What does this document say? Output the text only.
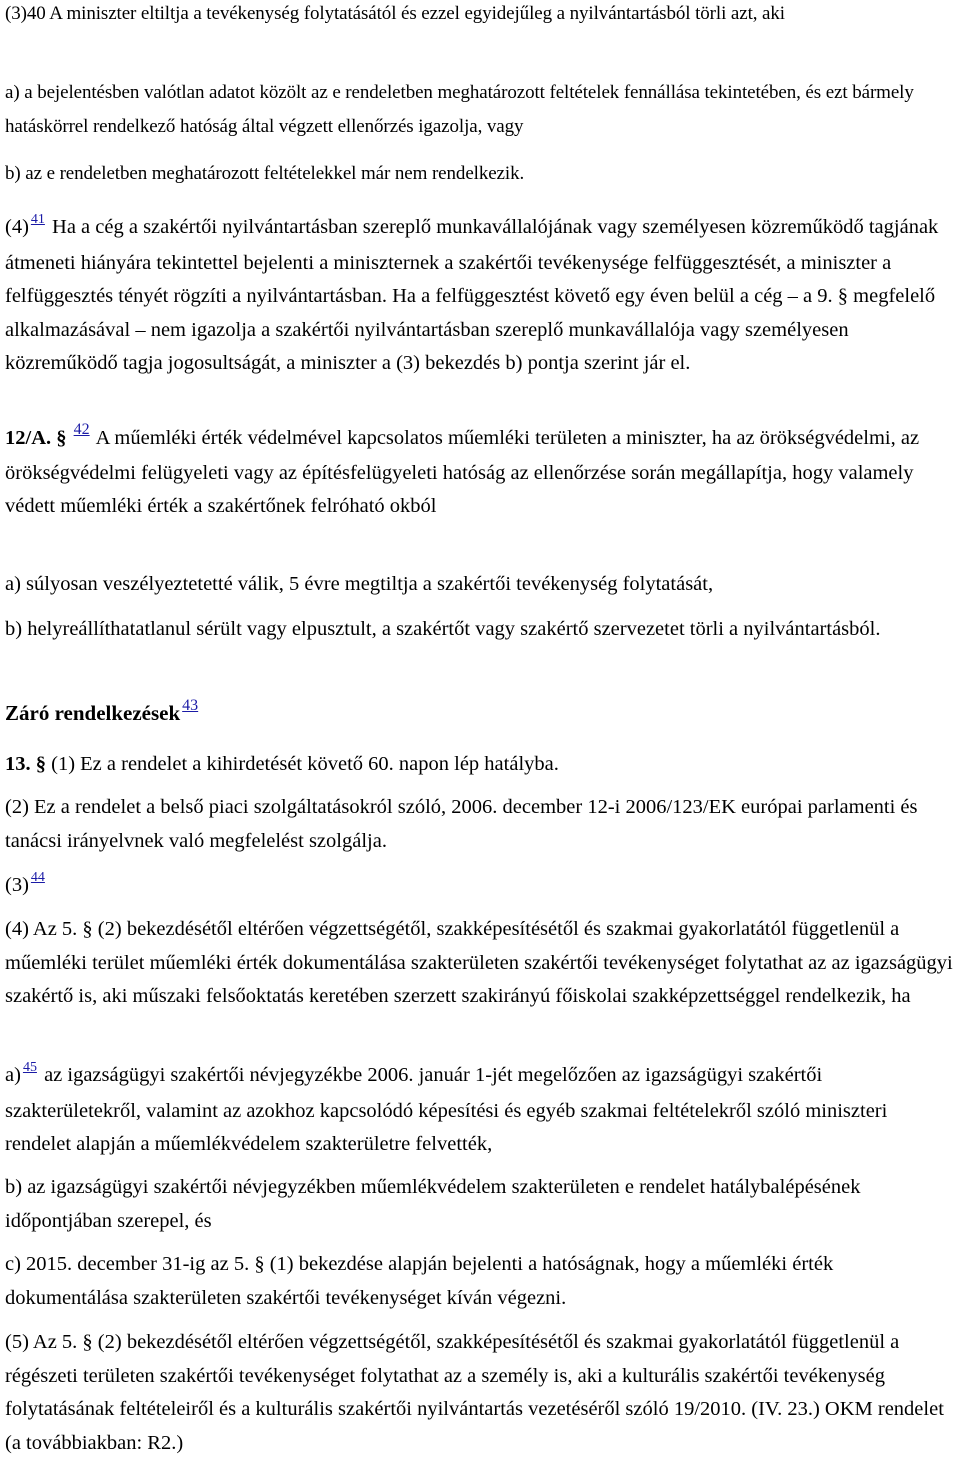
(3)40 A miniszter eltiltja a tevékenység folytatásától és ezzel egyidejűleg a nyilvántartásból törli azt, aki

a) a bejelentésben valótlan adatot közölt az e rendeletben meghatározott feltételek fennállása tekintetében, és ezt bármely hatáskörrel rendelkező hatóság által végzett ellenőrzés igazolja, vagy

b) az e rendeletben meghatározott feltételekkel már nem rendelkezik.

(4) $^{41}$ Ha a cég a szakértői nyilvántartásban szereplő munkavállalójának vagy személyesen közreműködő tagjának átmeneti hiányára tekintettel bejelenti a miniszternek a szakértői tevékenysége felfüggesztését, a miniszter a felfüggesztés tényét rögzíti a nyilvántartásban. Ha a felfüggesztést követő egy éven belül a cég – a 9. § megfelelő alkalmazásával – nem igazolja a szakértői nyilvántartásban szereplő munkavállalója vagy személyesen közreműködő tagja jogosultságát, a miniszter a (3) bekezdés b) pontja szerint jár el.

12/A. § $^{42}$ A műemléki érték védelmével kapcsolatos műemléki területen a miniszter, ha az örökségvédelmi, az örökségvédelmi felügyeleti vagy az építésfelügyeleti hatóság az ellenőrzése során megállapítja, hogy valamely védett műemléki érték a szakértőnek felróható okból

a) súlyosan veszélyeztetetté válik, 5 évre megtiltja a szakértői tevékenység folytatását,

b) helyreállíthatatlanul sérült vagy elpusztult, a szakértőt vagy szakértő szervezetet törli a nyilvántartásból.

Záró rendelkezések $^{43}$

13. § (1) Ez a rendelet a kihirdetését követő 60. napon lép hatályba.

(2) Ez a rendelet a belső piaci szolgáltatásokról szóló, 2006. december 12-i 2006/123/EK európai parlamenti és tanácsi irányelvnek való megfelelést szolgálja.

(3) $^{44}$

(4) Az 5. § (2) bekezdésétől eltérően végzettségétől, szakképesítésétől és szakmai gyakorlatától függetlenül a műemléki terület műemléki érték dokumentálása szakterületen szakértői tevékenységet folytathat az az igazságügyi szakértő is, aki műszaki felsőoktatás keretében szerzett szakirányú főiskolai szakképzettséggel rendelkezik, ha

a) $^{45}$ az igazságügyi szakértői névjegyzékbe 2006. január 1-jét megelőzően az igazságügyi szakértői szakterületekről, valamint az azokhoz kapcsolódó képesítési és egyéb szakmai feltételekről szóló miniszteri rendelet alapján a műemlékvédelem szakterületre felvették,

b) az igazságügyi szakértői névjegyzékben műemlékvédelem szakterületen e rendelet hatálybalépésének időpontjában szerepel, és

c) 2015. december 31-ig az 5. § (1) bekezdése alapján bejelenti a hatóságnak, hogy a műemléki érték dokumentálása szakterületen szakértői tevékenységet kíván végezni.

(5) Az 5. § (2) bekezdésétől eltérően végzettségétől, szakképesítésétől és szakmai gyakorlatától függetlenül a régészeti területen szakértői tevékenységet folytathat az a személy is, aki a kulturális szakértői tevékenység folytatásának feltételeiről és a kulturális szakértői nyilvántartás vezetéséről szóló 19/2010. (IV. 23.) OKM rendelet (a továbbiakban: R2.)
